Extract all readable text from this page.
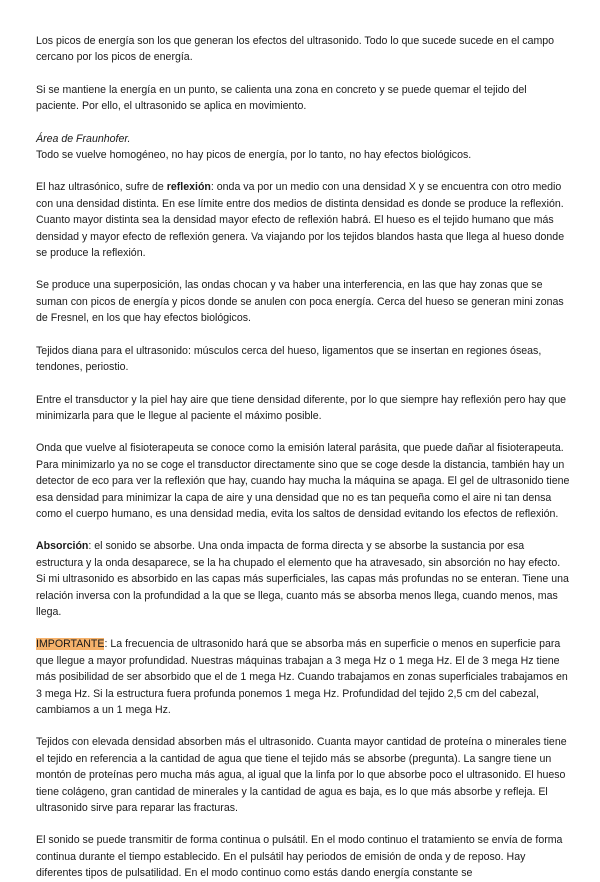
Los picos de energía son los que generan los efectos del ultrasonido. Todo lo que sucede sucede en el campo cercano por los picos de energía.

Si se mantiene la energía en un punto, se calienta una zona en concreto y se puede quemar el tejido del paciente. Por ello, el ultrasonido se aplica en movimiento.

Área de Fraunhofer.
Todo se vuelve homogéneo, no hay picos de energía, por lo tanto, no hay efectos biológicos.

El haz ultrasónico, sufre de reflexión: onda va por un medio con una densidad X y se encuentra con otro medio con una densidad distinta. En ese límite entre dos medios de distinta densidad es donde se produce la reflexión. Cuanto mayor distinta sea la densidad mayor efecto de reflexión habrá. El hueso es el tejido humano que más densidad y mayor efecto de reflexión genera. Va viajando por los tejidos blandos hasta que llega al hueso donde se produce la reflexión.

Se produce una superposición, las ondas chocan y va haber una interferencia, en las que hay zonas que se suman con picos de energía y picos donde se anulen con poca energía. Cerca del hueso se generan mini zonas de Fresnel, en los que hay efectos biológicos.

Tejidos diana para el ultrasonido: músculos cerca del hueso, ligamentos que se insertan en regiones óseas, tendones, periostio.

Entre el transductor y la piel hay aire que tiene densidad diferente, por lo que siempre hay reflexión pero hay que minimizarla para que le llegue al paciente el máximo posible.

Onda que vuelve al fisioterapeuta se conoce como la emisión lateral parásita, que puede dañar al fisioterapeuta. Para minimizarlo ya no se coge el transductor directamente sino que se coge desde la distancia, también hay un detector de eco para ver la reflexión que hay, cuando hay mucha la máquina se apaga. El gel de ultrasonido tiene esa densidad para minimizar la capa de aire y una densidad que no es tan pequeña como el aire ni tan densa como el cuerpo humano, es una densidad media, evita los saltos de densidad evitando los efectos de reflexión.

Absorción: el sonido se absorbe. Una onda impacta de forma directa y se absorbe la sustancia por esa estructura y la onda desaparece, se la ha chupado el elemento que ha atravesado, sin absorción no hay efecto. Si mi ultrasonido es absorbido en las capas más superficiales, las capas más profundas no se enteran. Tiene una relación inversa con la profundidad a la que se llega, cuanto más se absorba menos llega, cuando menos, mas llega.

IMPORTANTE: La frecuencia de ultrasonido hará que se absorba más en superficie o menos en superficie para que llegue a mayor profundidad. Nuestras máquinas trabajan a 3 mega Hz o 1 mega Hz. El de 3 mega Hz tiene más posibilidad de ser absorbido que el de 1 mega Hz. Cuando trabajamos en zonas superficiales trabajamos en 3 mega Hz. Si la estructura fuera profunda ponemos 1 mega Hz. Profundidad del tejido 2,5 cm del cabezal, cambiamos a un 1 mega Hz.

Tejidos con elevada densidad absorben más el ultrasonido. Cuanta mayor cantidad de proteína o minerales tiene el tejido en referencia a la cantidad de agua que tiene el tejido más se absorbe (pregunta). La sangre tiene un montón de proteínas pero mucha más agua, al igual que la linfa por lo que absorbe poco el ultrasonido. El hueso tiene colágeno, gran cantidad de minerales y la cantidad de agua es baja, es lo que más absorbe y refleja. El ultrasonido sirve para reparar las fracturas.

El sonido se puede transmitir de forma continua o pulsátil. En el modo continuo el tratamiento se envía de forma continua durante el tiempo establecido. En el pulsátil hay periodos de emisión de onda y de reposo. Hay diferentes tipos de pulsatilidad. En el modo continuo como estás dando energía constante se
